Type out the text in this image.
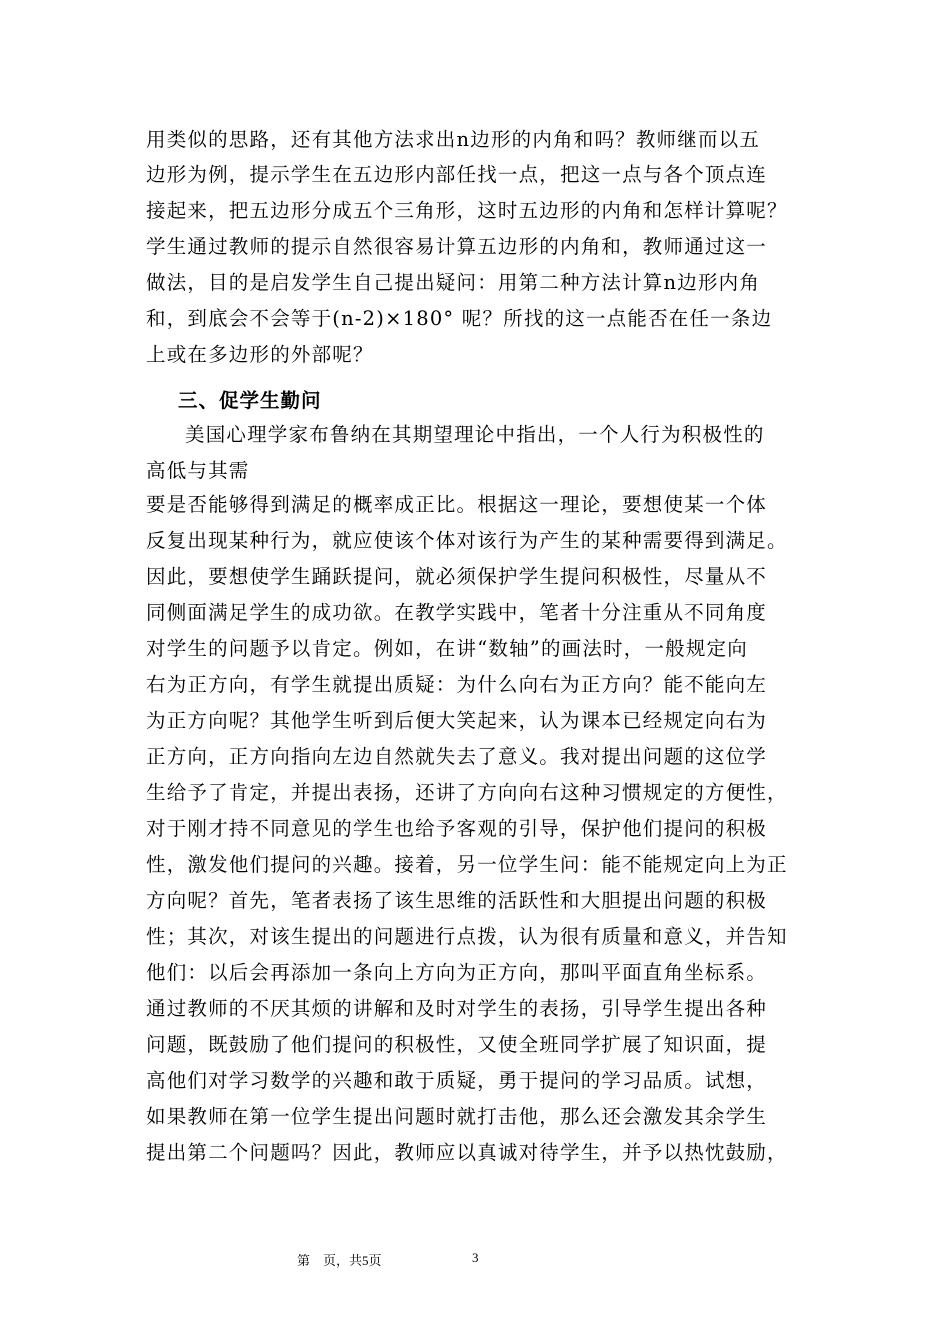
用类似的思路，还有其他方法求出n边形的内角和吗？教师继而以五
边形为例，提示学生在五边形内部任找一点，把这一点与各个顶点连
接起来，把五边形分成五个三角形，这时五边形的内角和怎样计算呢？
学生通过教师的提示自然很容易计算五边形的内角和，教师通过这一
做法，目的是启发学生自己提出疑问：用第二种方法计算n边形内角
和，到底会不会等于(n-2)×180° 呢？所找的这一点能否在任一条边
上或在多边形的外部呢？
三、促学生勤问
美国心理学家布鲁纳在其期望理论中指出，一个人行为积极性的
高低与其需
要是否能够得到满足的概率成正比。根据这一理论，要想使某一个体
反复出现某种行为，就应使该个体对该行为产生的某种需要得到满足。
因此，要想使学生踊跃提问，就必须保护学生提问积极性，尽量从不
同侧面满足学生的成功欲。在教学实践中，笔者十分注重从不同角度
对学生的问题予以肯定。例如，在讲“数轴”的画法时，一般规定向
右为正方向，有学生就提出质疑：为什么向右为正方向？能不能向左
为正方向呢？其他学生听到后便大笑起来，认为课本已经规定向右为
正方向，正方向指向左边自然就失去了意义。我对提出问题的这位学
生给予了肯定，并提出表扬，还讲了方向向右这种习惯规定的方便性，
对于刚才持不同意见的学生也给予客观的引导，保护他们提问的积极
性，激发他们提问的兴趣。接着，另一位学生问：能不能规定向上为正
方向呢？首先，笔者表扬了该生思维的活跃性和大胆提出问题的积极
性；其次，对该生提出的问题进行点拨，认为很有质量和意义，并告知
他们：以后会再添加一条向上方向为正方向，那叫平面直角坐标系。
通过教师的不厌其烦的讲解和及时对学生的表扬，引导学生提出各种
问题，既鼓励了他们提问的积极性，又使全班同学扩展了知识面，提
高他们对学习数学的兴趣和敢于质疑，勇于提问的学习品质。试想，
如果教师在第一位学生提出问题时就打击他，那么还会激发其余学生
提出第二个问题吗？因此，教师应以真诚对待学生，并予以热忱鼓励，
第　页，共5页	3
